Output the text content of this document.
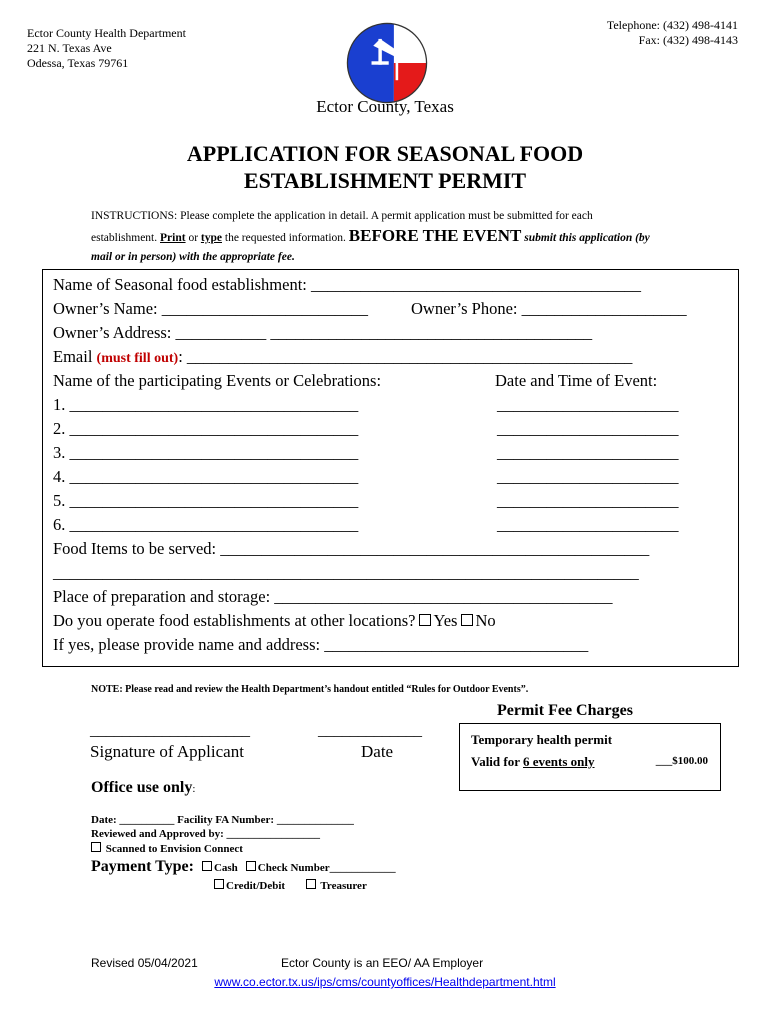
Ector County Health Department
221 N. Texas Ave
Odessa, Texas 79761
Telephone: (432) 498-4141
Fax: (432) 498-4143
Ector County, Texas
APPLICATION FOR SEASONAL FOOD
ESTABLISHMENT PERMIT
INSTRUCTIONS: Please complete the application in detail. A permit application must be submitted for each establishment. Print or type the requested information. BEFORE THE EVENT submit this application (by mail or in person) with the appropriate fee.
Name of Seasonal food establishment: ________________________________________
Owner’s Name: _________________________	Owner’s Phone: ____________________
Owner’s Address: ___________ _______________________________________
Email (must fill out): ______________________________________________________
Name of the participating Events or Celebrations:	Date and Time of Event:
1. ___________________________________	______________________
2. ___________________________________	______________________
3. ___________________________________	______________________
4. ___________________________________	______________________
5. ___________________________________	______________________
6. ___________________________________	______________________
Food Items to be served: ____________________________________________________
_______________________________________________________________________
Place of preparation and storage: _________________________________________
Do you operate food establishments at other locations? Yes No
If yes, please provide name and address: ________________________________
NOTE: Please read and review the Health Department’s handout entitled “Rules for Outdoor Events”.
____________________	_____________
Signature of Applicant	Date
Permit Fee Charges
Temporary health permit
Valid for 6 events only	___$100.00
Office use only:
Date: __________ Facility FA Number: ______________
Reviewed and Approved by: _________________
Scanned to Envision Connect
Payment Type: Cash Check Number____________
Credit/Debit	Treasurer
Revised 05/04/2021	Ector County is an EEO/ AA Employer
www.co.ector.tx.us/ips/cms/countyoffices/Healthdepartment.html
